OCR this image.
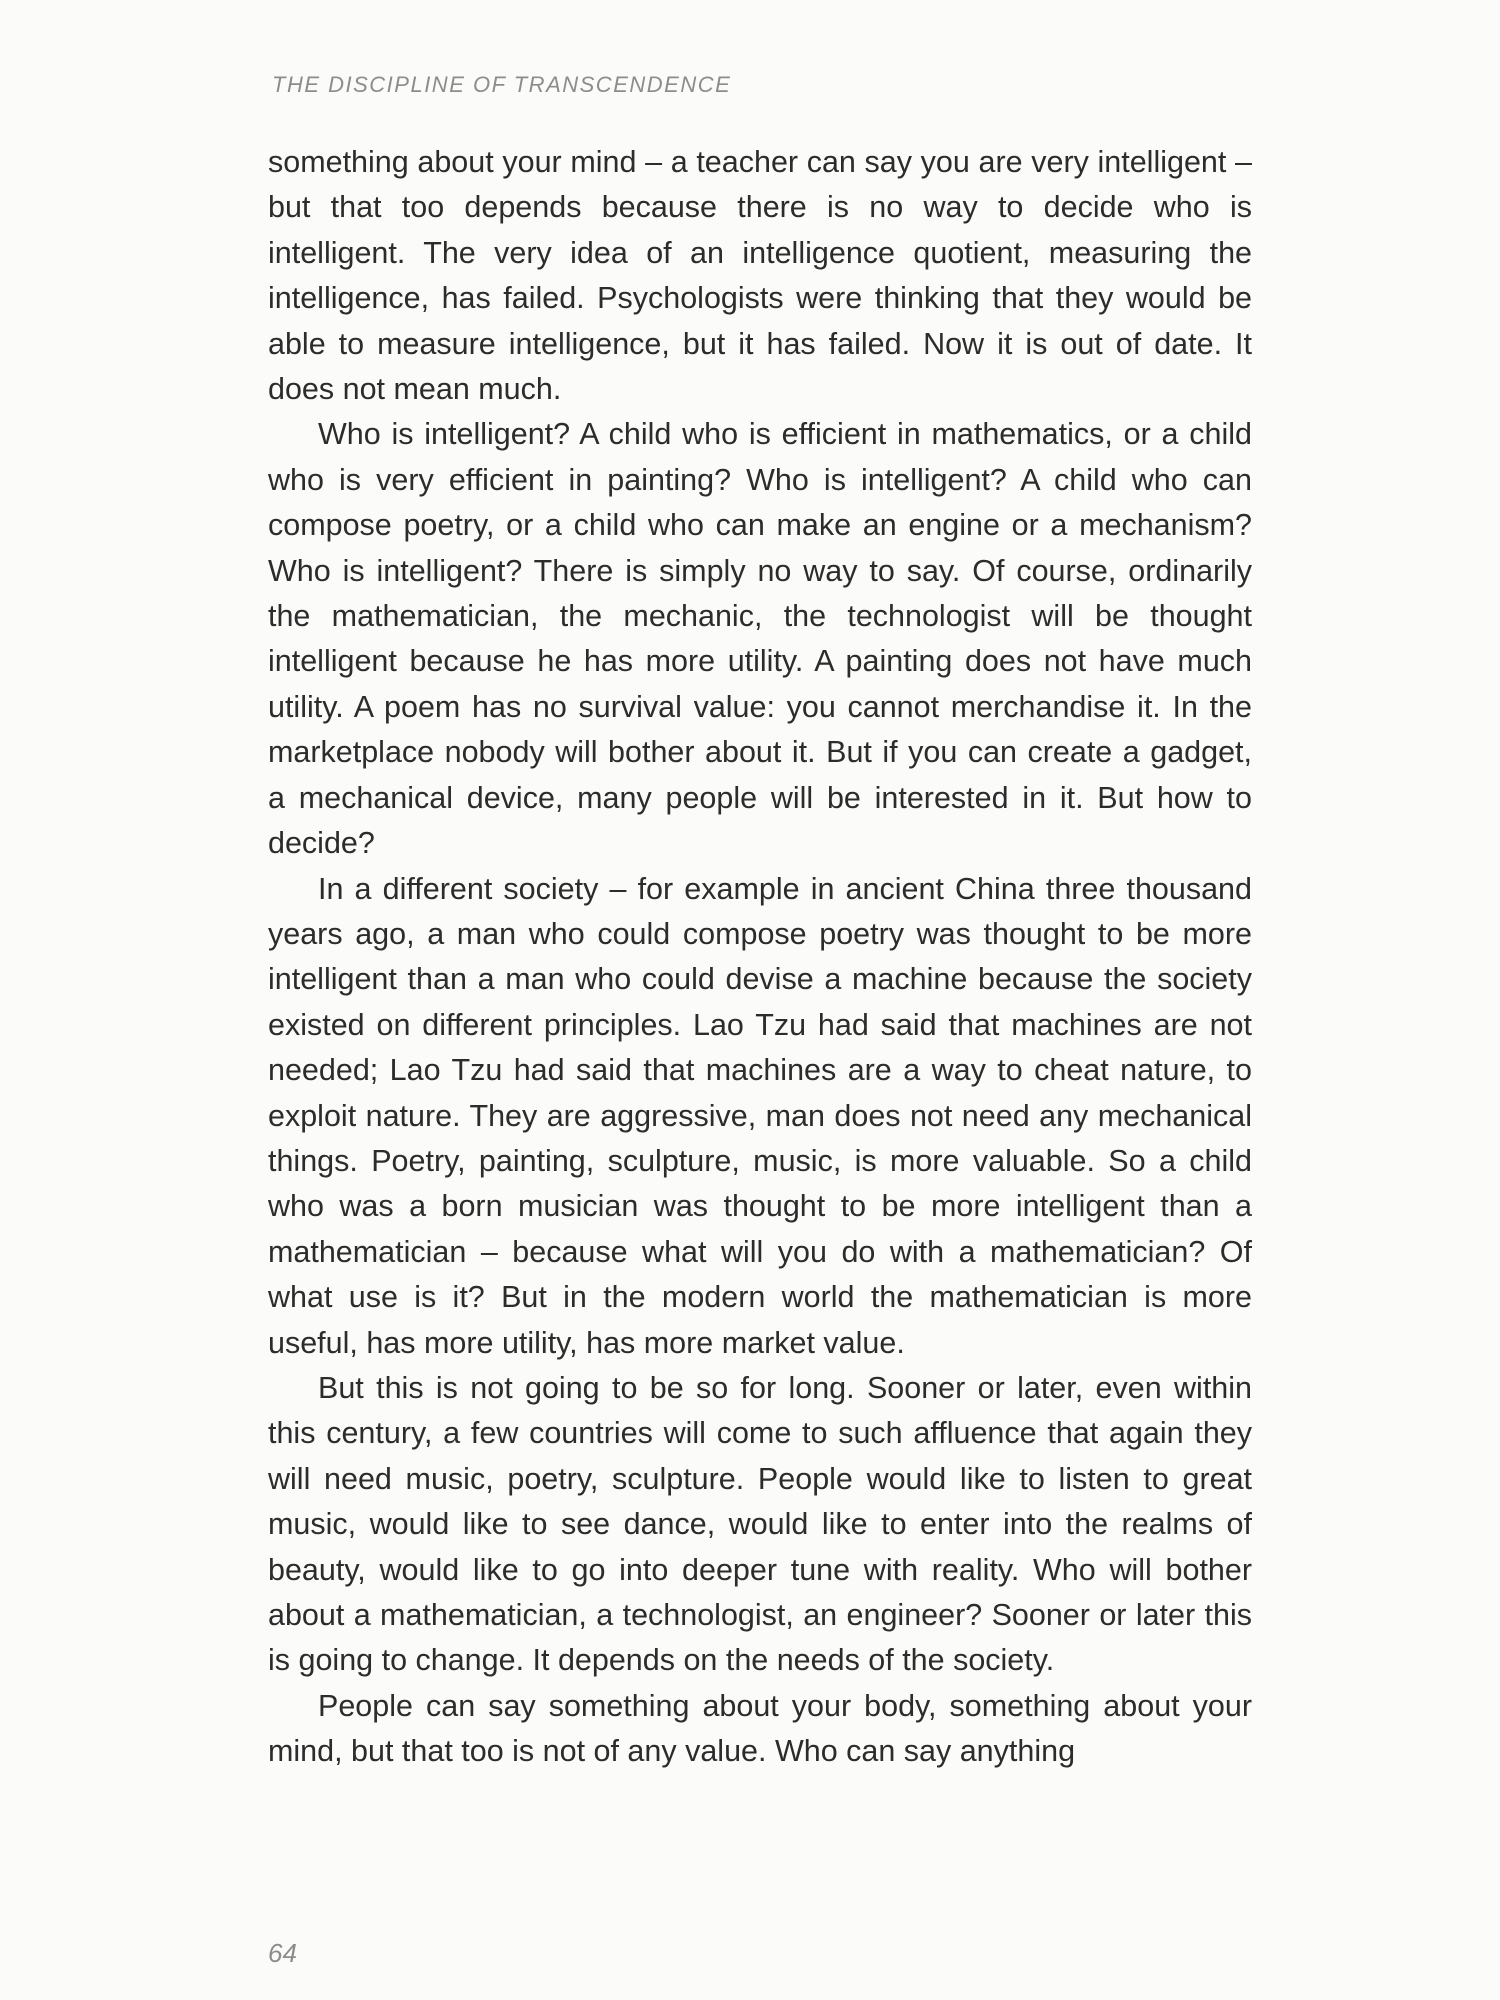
THE DISCIPLINE OF TRANSCENDENCE

something about your mind – a teacher can say you are very intelligent – but that too depends because there is no way to decide who is intelligent. The very idea of an intelligence quotient, measuring the intelligence, has failed. Psychologists were thinking that they would be able to measure intelligence, but it has failed. Now it is out of date. It does not mean much.

Who is intelligent? A child who is efficient in mathematics, or a child who is very efficient in painting? Who is intelligent? A child who can compose poetry, or a child who can make an engine or a mechanism? Who is intelligent? There is simply no way to say. Of course, ordinarily the mathematician, the mechanic, the technologist will be thought intelligent because he has more utility. A painting does not have much utility. A poem has no survival value: you cannot merchandise it. In the marketplace nobody will bother about it. But if you can create a gadget, a mechanical device, many people will be interested in it. But how to decide?

In a different society – for example in ancient China three thousand years ago, a man who could compose poetry was thought to be more intelligent than a man who could devise a machine because the society existed on different principles. Lao Tzu had said that machines are not needed; Lao Tzu had said that machines are a way to cheat nature, to exploit nature. They are aggressive, man does not need any mechanical things. Poetry, painting, sculpture, music, is more valuable. So a child who was a born musician was thought to be more intelligent than a mathematician – because what will you do with a mathematician? Of what use is it? But in the modern world the mathematician is more useful, has more utility, has more market value.

But this is not going to be so for long. Sooner or later, even within this century, a few countries will come to such affluence that again they will need music, poetry, sculpture. People would like to listen to great music, would like to see dance, would like to enter into the realms of beauty, would like to go into deeper tune with reality. Who will bother about a mathematician, a technologist, an engineer? Sooner or later this is going to change. It depends on the needs of the society.

People can say something about your body, something about your mind, but that too is not of any value. Who can say anything

64
